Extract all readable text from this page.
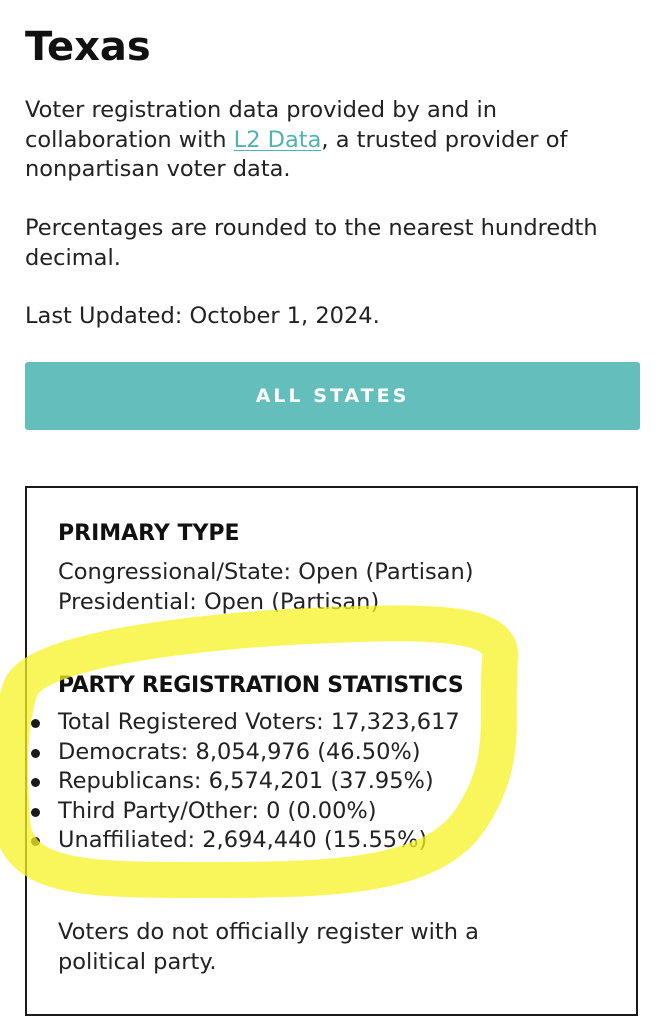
Texas

Voter registration data provided by and in collaboration with L2 Data, a trusted provider of nonpartisan voter data.

Percentages are rounded to the nearest hundredth decimal.

Last Updated: October 1, 2024.

ALL STATES
PRIMARY TYPE

Congressional/State: Open (Partisan)

Presidential: Open (Partisan)

PARTY REGISTRATION STATISTICS
Total Registered Voters: 17,323,617
Democrats: 8,054,976 (46.50%)
Republicans: 6,574,201 (37.95%)
Third Party/Other: 0 (0.00%)
Unaffiliated: 2,694,440 (15.55%)

Voters do not officially register with a political party.
